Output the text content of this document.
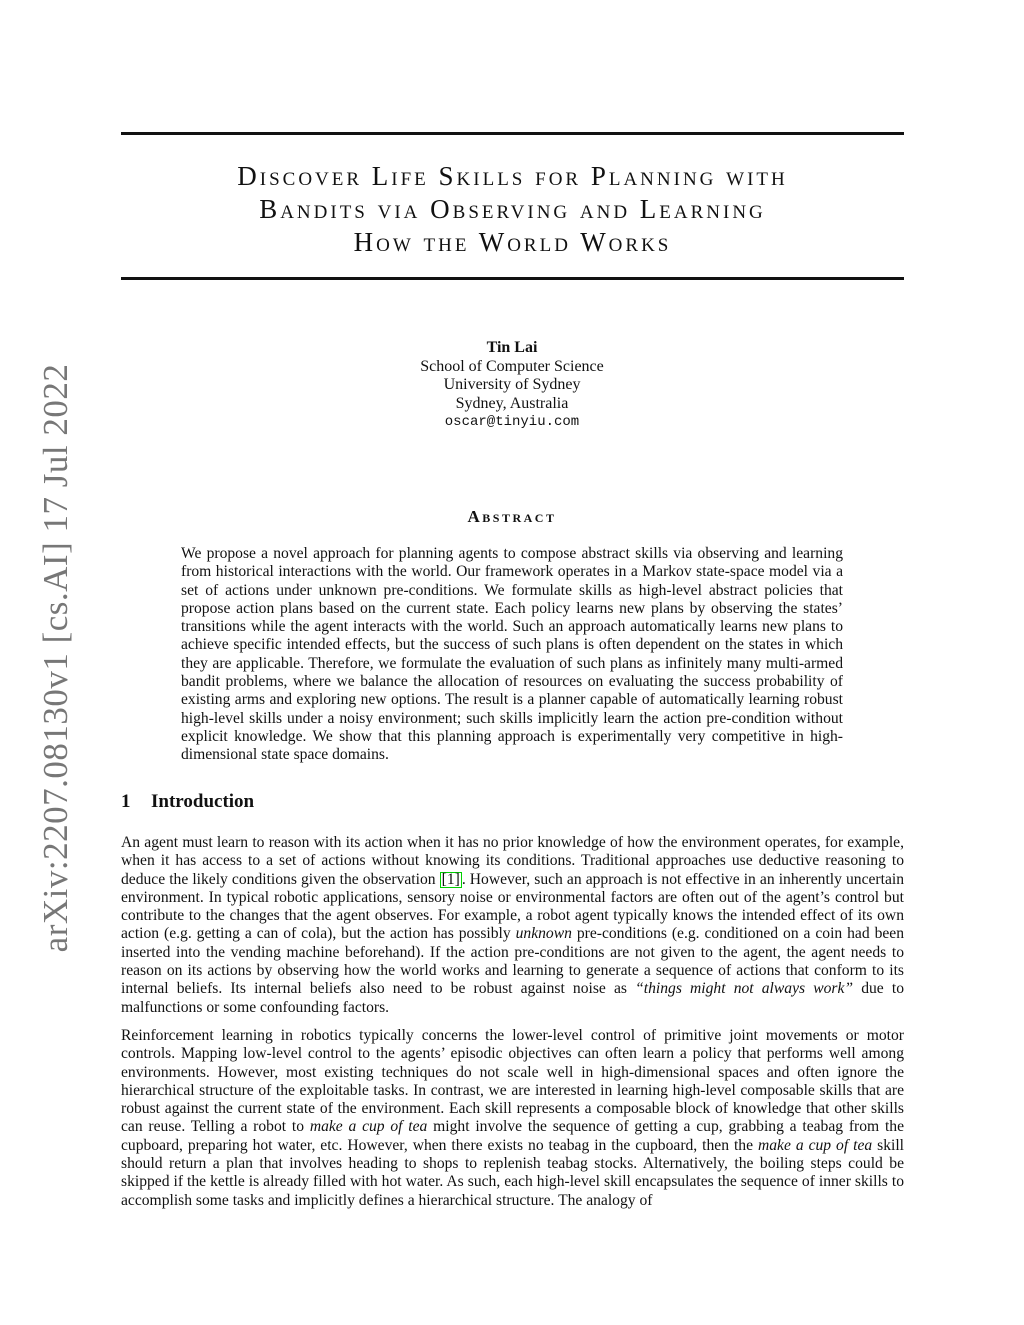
arXiv:2207.08130v1 [cs.AI] 17 Jul 2022
Discover Life Skills for Planning with
Bandits via Observing and Learning
How the World Works
Tin Lai
School of Computer Science
University of Sydney
Sydney, Australia
oscar@tinyiu.com
Abstract
We propose a novel approach for planning agents to compose abstract skills via observing and learning from historical interactions with the world. Our framework operates in a Markov state-space model via a set of actions under unknown pre-conditions. We formulate skills as high-level abstract policies that propose action plans based on the current state. Each policy learns new plans by observing the states’ transitions while the agent interacts with the world. Such an approach automatically learns new plans to achieve specific intended effects, but the success of such plans is often dependent on the states in which they are applicable. Therefore, we formulate the evaluation of such plans as infinitely many multi-armed bandit problems, where we balance the allocation of resources on evaluating the success probability of existing arms and exploring new options. The result is a planner capable of automatically learning robust high-level skills under a noisy environment; such skills implicitly learn the action pre-condition without explicit knowledge. We show that this planning approach is experimentally very competitive in high-dimensional state space domains.
1 Introduction
An agent must learn to reason with its action when it has no prior knowledge of how the environment operates, for example, when it has access to a set of actions without knowing its conditions. Traditional approaches use deductive reasoning to deduce the likely conditions given the observation [1] . However, such an approach is not effective in an inherently uncertain environment. In typical robotic applications, sensory noise or environmental factors are often out of the agent’s control but contribute to the changes that the agent observes. For example, a robot agent typically knows the intended effect of its own action (e.g. getting a can of cola), but the action has possibly unknown pre-conditions (e.g. conditioned on a coin had been inserted into the vending machine beforehand). If the action pre-conditions are not given to the agent, the agent needs to reason on its actions by observing how the world works and learning to generate a sequence of actions that conform to its internal beliefs. Its internal beliefs also need to be robust against noise as “things might not always work” due to malfunctions or some confounding factors.
Reinforcement learning in robotics typically concerns the lower-level control of primitive joint movements or motor controls. Mapping low-level control to the agents’ episodic objectives can often learn a policy that performs well among environments. However, most existing techniques do not scale well in high-dimensional spaces and often ignore the hierarchical structure of the exploitable tasks. In contrast, we are interested in learning high-level composable skills that are robust against the current state of the environment. Each skill represents a composable block of knowledge that other skills can reuse. Telling a robot to make a cup of tea might involve the sequence of getting a cup, grabbing a teabag from the cupboard, preparing hot water, etc. However, when there exists no teabag in the cupboard, then the make a cup of tea skill should return a plan that involves heading to shops to replenish teabag stocks. Alternatively, the boiling steps could be skipped if the kettle is already filled with hot water. As such, each high-level skill encapsulates the sequence of inner skills to accomplish some tasks and implicitly defines a hierarchical structure. The analogy of
